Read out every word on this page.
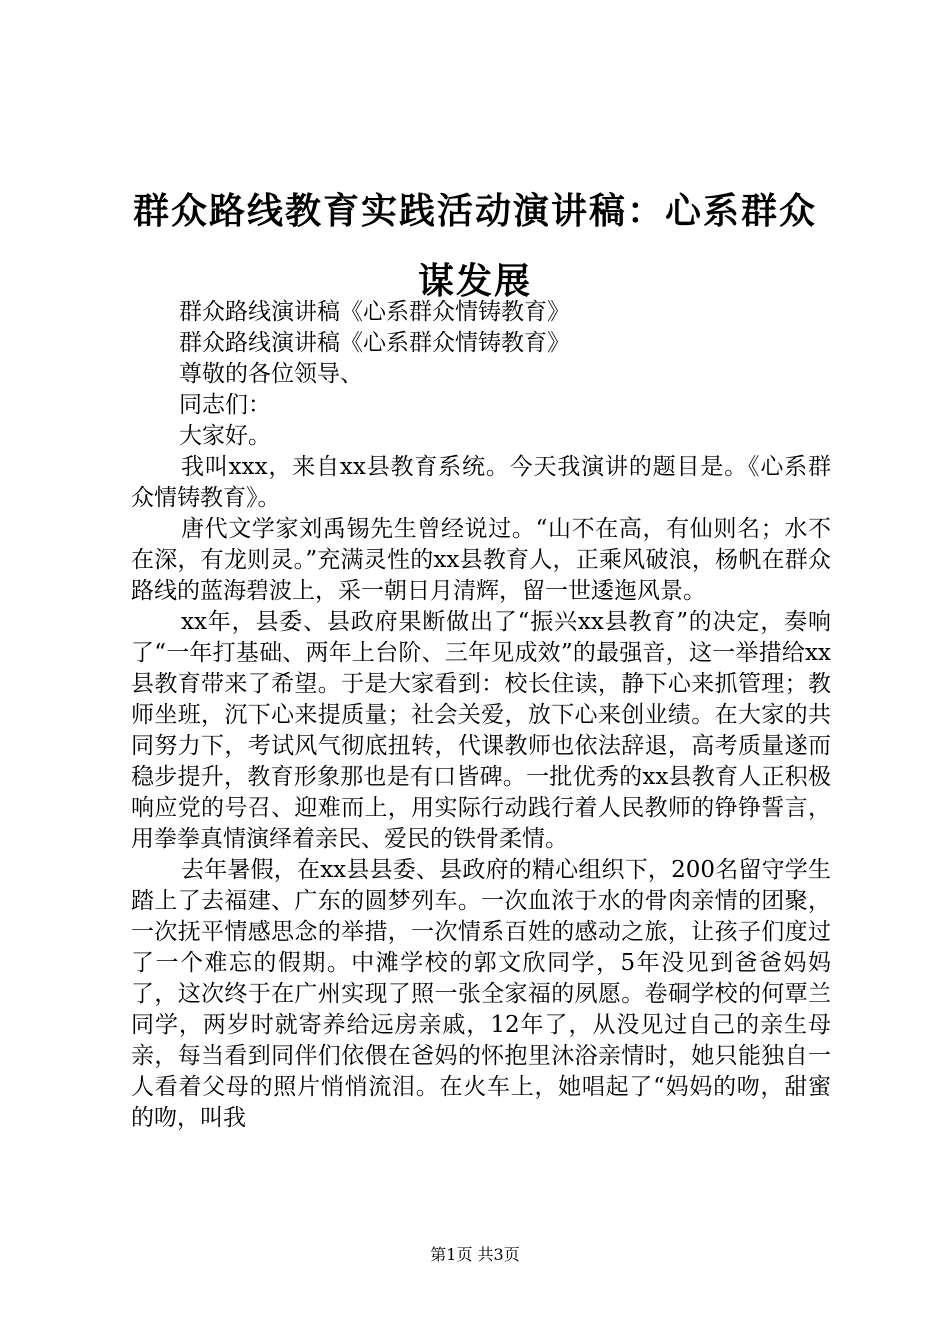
群众路线教育实践活动演讲稿：心系群众谋发展

群众路线演讲稿《心系群众情铸教育》

群众路线演讲稿《心系群众情铸教育》

尊敬的各位领导、

同志们：

大家好。

我叫xxx，来自xx县教育系统。今天我演讲的题目是。《心系群众情铸教育》。

唐代文学家刘禹锡先生曾经说过。“山不在高，有仙则名；水不在深，有龙则灵。”充满灵性的xx县教育人，正乘风破浪，杨帆在群众路线的蓝海碧波上，采一朝日月清辉，留一世逶迤风景。

xx年，县委、县政府果断做出了“振兴xx县教育”的决定，奏响了“一年打基础、两年上台阶、三年见成效”的最强音，这一举措给xx县教育带来了希望。于是大家看到：校长住读，静下心来抓管理；教师坐班，沉下心来提质量；社会关爱，放下心来创业绩。在大家的共同努力下，考试风气彻底扭转，代课教师也依法辞退，高考质量遂而稳步提升，教育形象那也是有口皆碑。一批优秀的xx县教育人正积极响应党的号召、迎难而上，用实际行动践行着人民教师的铮铮誓言，用拳拳真情演绎着亲民、爱民的铁骨柔情。

去年暑假，在xx县县委、县政府的精心组织下，200名留守学生踏上了去福建、广东的圆梦列车。一次血浓于水的骨肉亲情的团聚，一次抚平情感思念的举措，一次情系百姓的感动之旅，让孩子们度过了一个难忘的假期。中滩学校的郭文欣同学，5年没见到爸爸妈妈了，这次终于在广州实现了照一张全家福的夙愿。卷硐学校的何覃兰同学，两岁时就寄养给远房亲戚，12年了，从没见过自己的亲生母亲，每当看到同伴们依偎在爸妈的怀抱里沐浴亲情时，她只能独自一人看着父母的照片悄悄流泪。在火车上，她唱起了“妈妈的吻，甜蜜的吻，叫我

第1页 共3页
